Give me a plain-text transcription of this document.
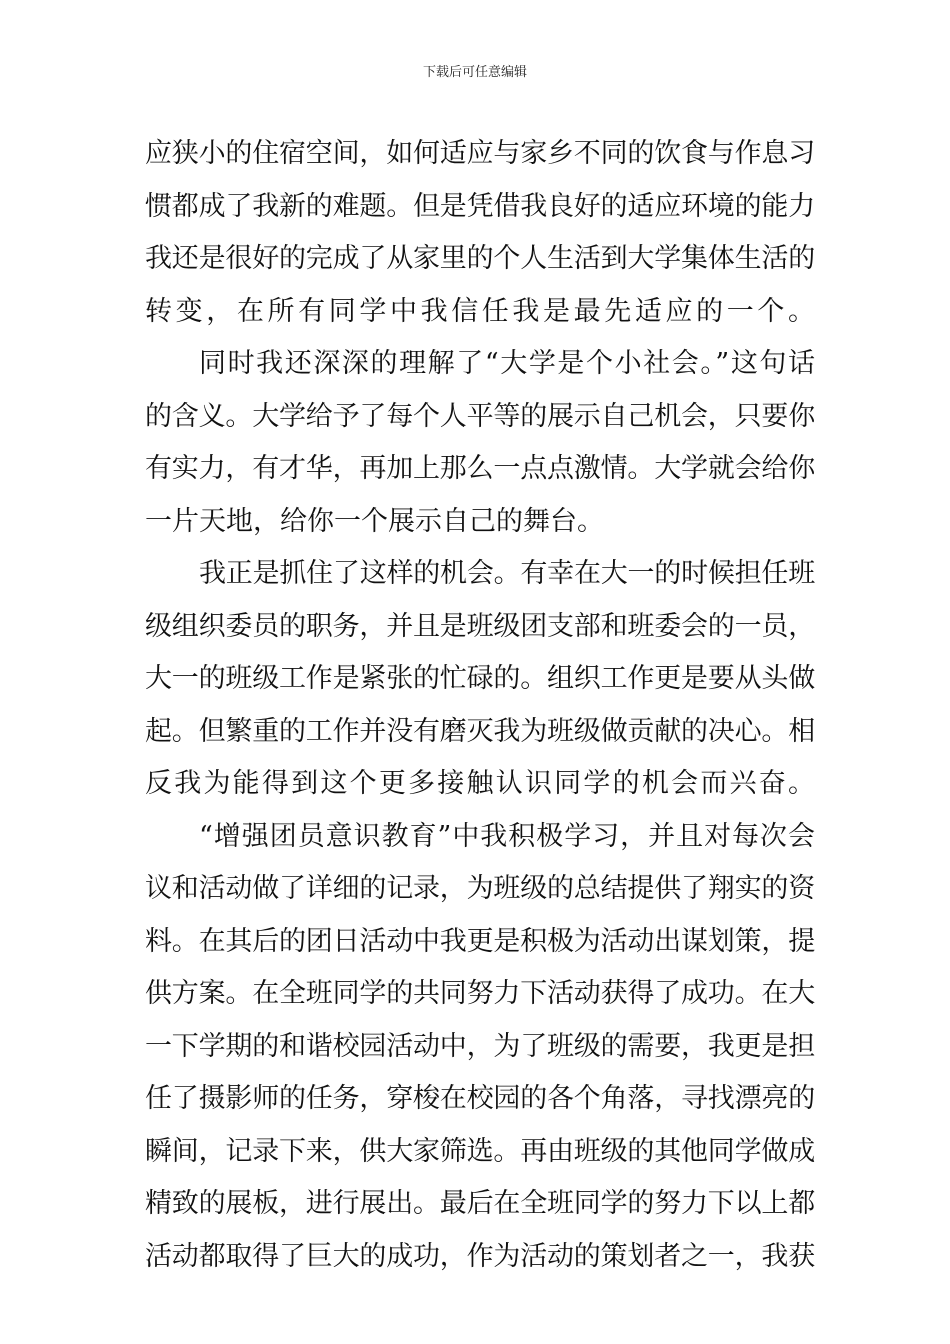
下载后可任意编辑
应狭小的住宿空间，如何适应与家乡不同的饮食与作息习
惯都成了我新的难题。但是凭借我良好的适应环境的能力
我还是很好的完成了从家里的个人生活到大学集体生活的
转变，在所有同学中我信任我是最先适应的一个。
同时我还深深的理解了“大学是个小社会。”这句话
的含义。大学给予了每个人平等的展示自己机会，只要你
有实力，有才华，再加上那么一点点激情。大学就会给你
一片天地，给你一个展示自己的舞台。
我正是抓住了这样的机会。有幸在大一的时候担任班
级组织委员的职务，并且是班级团支部和班委会的一员，
大一的班级工作是紧张的忙碌的。组织工作更是要从头做
起。但繁重的工作并没有磨灭我为班级做贡献的决心。相
反我为能得到这个更多接触认识同学的机会而兴奋。
“增强团员意识教育”中我积极学习，并且对每次会
议和活动做了详细的记录，为班级的总结提供了翔实的资
料。在其后的团日活动中我更是积极为活动出谋划策，提
供方案。在全班同学的共同努力下活动获得了成功。在大
一下学期的和谐校园活动中，为了班级的需要，我更是担
任了摄影师的任务，穿梭在校园的各个角落，寻找漂亮的
瞬间，记录下来，供大家筛选。再由班级的其他同学做成
精致的展板，进行展出。最后在全班同学的努力下以上都
活动都取得了巨大的成功，作为活动的策划者之一，我获
